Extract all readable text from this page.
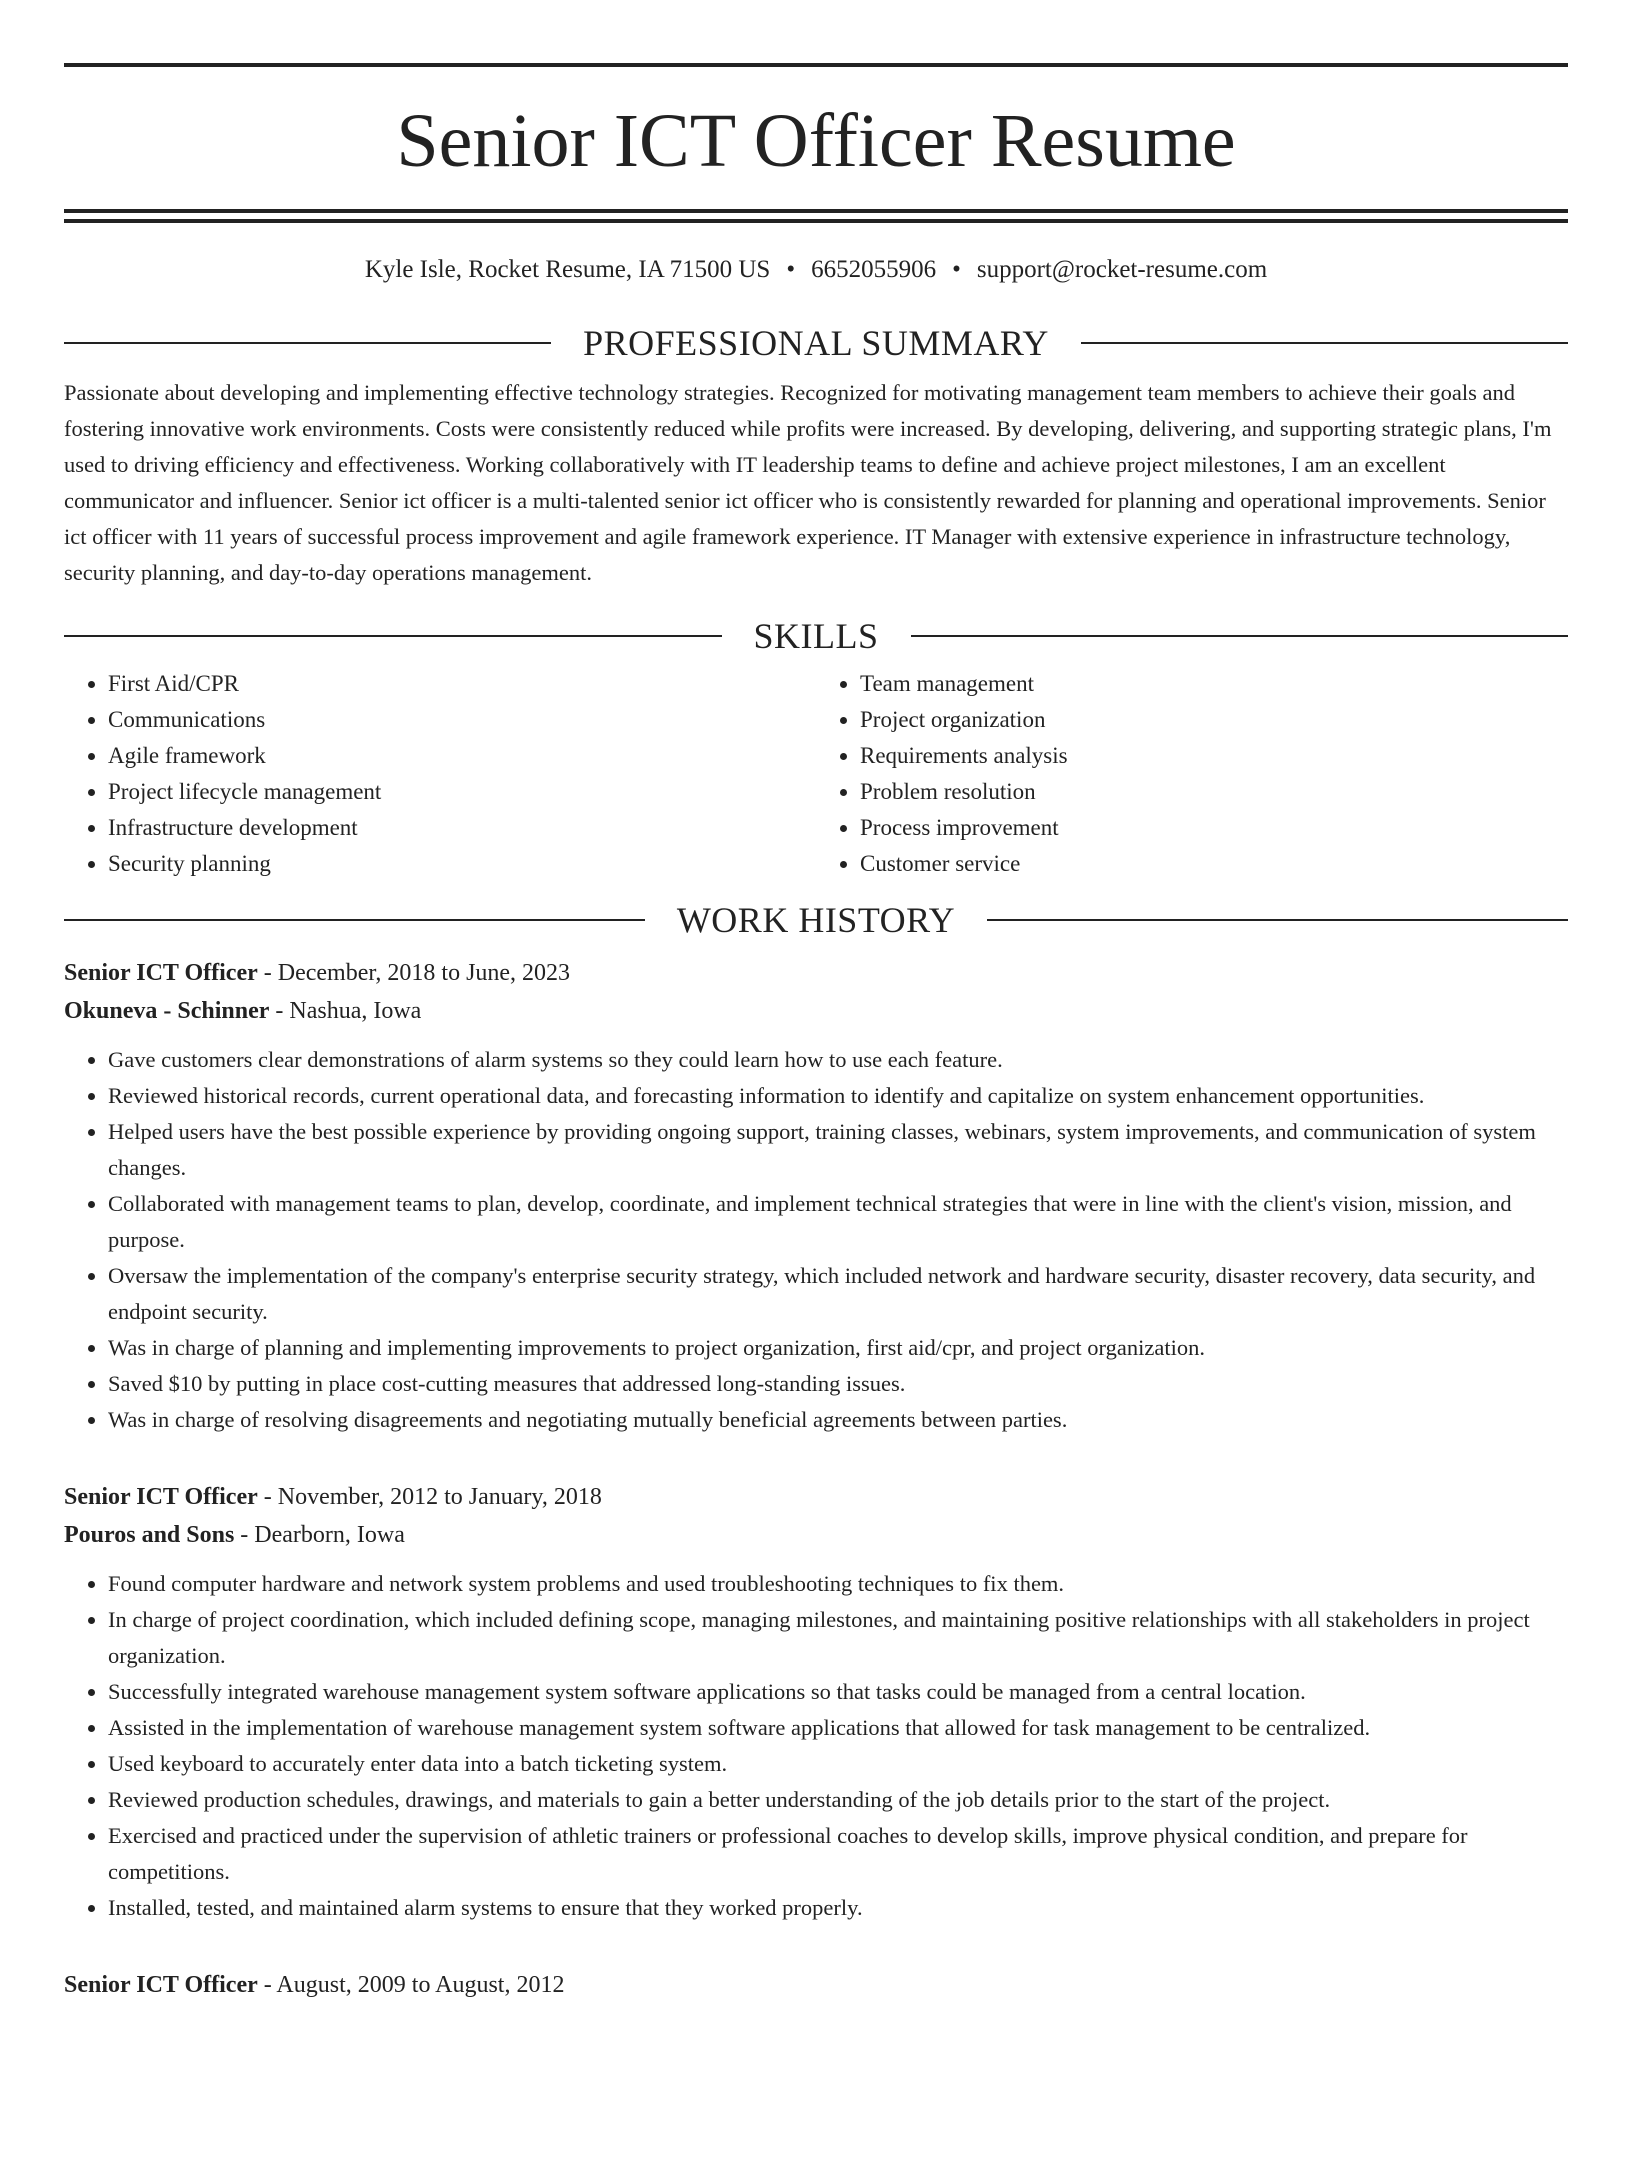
Senior ICT Officer Resume
Kyle Isle, Rocket Resume, IA 71500 US • 6652055906 • support@rocket-resume.com
PROFESSIONAL SUMMARY

Passionate about developing and implementing effective technology strategies. Recognized for motivating management team members to achieve their goals and fostering innovative work environments. Costs were consistently reduced while profits were increased. By developing, delivering, and supporting strategic plans, I'm used to driving efficiency and effectiveness. Working collaboratively with IT leadership teams to define and achieve project milestones, I am an excellent communicator and influencer. Senior ict officer is a multi-talented senior ict officer who is consistently rewarded for planning and operational improvements. Senior ict officer with 11 years of successful process improvement and agile framework experience. IT Manager with extensive experience in infrastructure technology, security planning, and day-to-day operations management.

SKILLS
• First Aid/CPR
• Communications
• Agile framework
• Project lifecycle management
• Infrastructure development
• Security planning
• Team management
• Project organization
• Requirements analysis
• Problem resolution
• Process improvement
• Customer service
WORK HISTORY
Senior ICT Officer - December, 2018 to June, 2023
Okuneva - Schinner - Nashua, Iowa
• Gave customers clear demonstrations of alarm systems so they could learn how to use each feature.
• Reviewed historical records, current operational data, and forecasting information to identify and capitalize on system enhancement opportunities.
• Helped users have the best possible experience by providing ongoing support, training classes, webinars, system improvements, and communication of system changes.
• Collaborated with management teams to plan, develop, coordinate, and implement technical strategies that were in line with the client's vision, mission, and purpose.
• Oversaw the implementation of the company's enterprise security strategy, which included network and hardware security, disaster recovery, data security, and endpoint security.
• Was in charge of planning and implementing improvements to project organization, first aid/cpr, and project organization.
• Saved $10 by putting in place cost-cutting measures that addressed long-standing issues.
• Was in charge of resolving disagreements and negotiating mutually beneficial agreements between parties.
Senior ICT Officer - November, 2012 to January, 2018
Pouros and Sons - Dearborn, Iowa
• Found computer hardware and network system problems and used troubleshooting techniques to fix them.
• In charge of project coordination, which included defining scope, managing milestones, and maintaining positive relationships with all stakeholders in project organization.
• Successfully integrated warehouse management system software applications so that tasks could be managed from a central location.
• Assisted in the implementation of warehouse management system software applications that allowed for task management to be centralized.
• Used keyboard to accurately enter data into a batch ticketing system.
• Reviewed production schedules, drawings, and materials to gain a better understanding of the job details prior to the start of the project.
• Exercised and practiced under the supervision of athletic trainers or professional coaches to develop skills, improve physical condition, and prepare for competitions.
• Installed, tested, and maintained alarm systems to ensure that they worked properly.
Senior ICT Officer - August, 2009 to August, 2012
